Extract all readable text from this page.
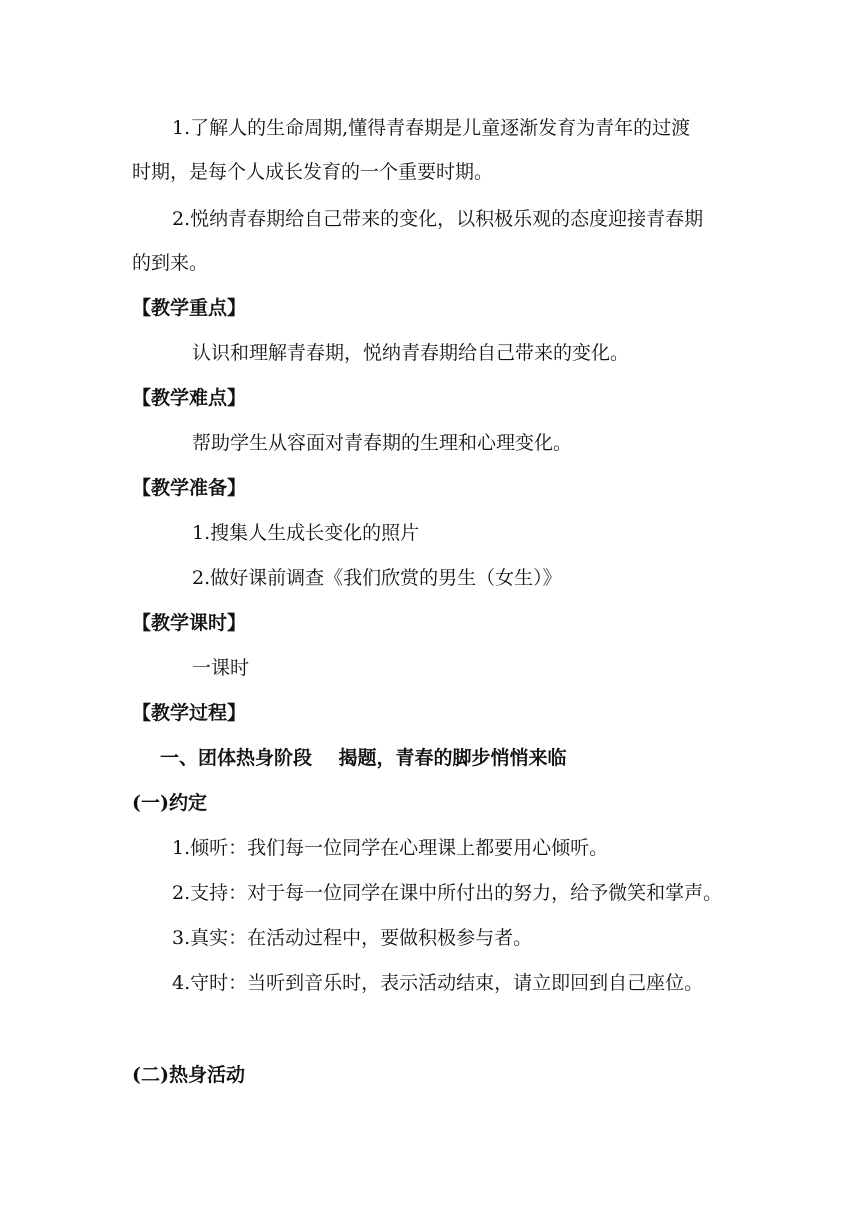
1.了解人的生命周期,懂得青春期是儿童逐渐发育为青年的过渡
时期，是每个人成长发育的一个重要时期。
2.悦纳青春期给自己带来的变化，以积极乐观的态度迎接青春期
的到来。
【教学重点】
认识和理解青春期，悦纳青春期给自己带来的变化。
【教学难点】
帮助学生从容面对青春期的生理和心理变化。
【教学准备】
1.搜集人生成长变化的照片
2.做好课前调查《我们欣赏的男生（女生）》
【教学课时】
一课时
【教学过程】
一、团体热身阶段    揭题，青春的脚步悄悄来临
(一)约定
1.倾听：我们每一位同学在心理课上都要用心倾听。
2.支持：对于每一位同学在课中所付出的努力，给予微笑和掌声。
3.真实：在活动过程中，要做积极参与者。
4.守时：当听到音乐时，表示活动结束，请立即回到自己座位。
(二)热身活动
